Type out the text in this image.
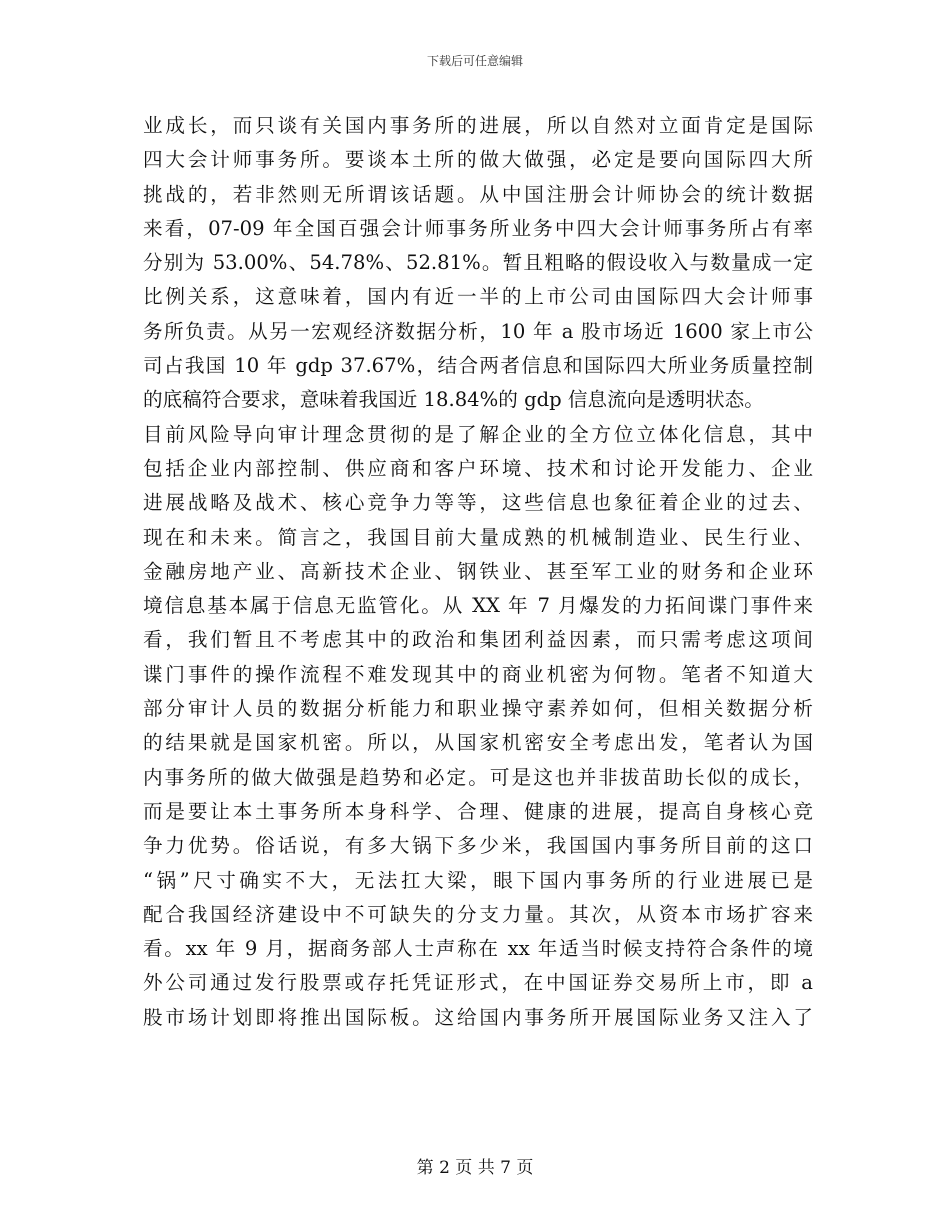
下载后可任意编辑
业成长，而只谈有关国内事务所的进展，所以自然对立面肯定是国际
四大会计师事务所。要谈本土所的做大做强，必定是要向国际四大所
挑战的，若非然则无所谓该话题。从中国注册会计师协会的统计数据
来看，07-09 年全国百强会计师事务所业务中四大会计师事务所占有率
分别为 53.00%、54.78%、52.81%。暂且粗略的假设收入与数量成一定
比例关系，这意味着，国内有近一半的上市公司由国际四大会计师事
务所负责。从另一宏观经济数据分析，10 年 a 股市场近 1600 家上市公
司占我国 10 年 gdp 37.67%，结合两者信息和国际四大所业务质量控制
的底稿符合要求，意味着我国近 18.84%的 gdp 信息流向是透明状态。
目前风险导向审计理念贯彻的是了解企业的全方位立体化信息，其中
包括企业内部控制、供应商和客户环境、技术和讨论开发能力、企业
进展战略及战术、核心竞争力等等，这些信息也象征着企业的过去、
现在和未来。简言之，我国目前大量成熟的机械制造业、民生行业、
金融房地产业、高新技术企业、钢铁业、甚至军工业的财务和企业环
境信息基本属于信息无监管化。从 XX 年 7 月爆发的力拓间谍门事件来
看，我们暂且不考虑其中的政治和集团利益因素，而只需考虑这项间
谍门事件的操作流程不难发现其中的商业机密为何物。笔者不知道大
部分审计人员的数据分析能力和职业操守素养如何，但相关数据分析
的结果就是国家机密。所以，从国家机密安全考虑出发，笔者认为国
内事务所的做大做强是趋势和必定。可是这也并非拔苗助长似的成长，
而是要让本土事务所本身科学、合理、健康的进展，提高自身核心竞
争力优势。俗话说，有多大锅下多少米，我国国内事务所目前的这口
“锅”尺寸确实不大，无法扛大梁，眼下国内事务所的行业进展已是
配合我国经济建设中不可缺失的分支力量。其次，从资本市场扩容来
看。xx 年 9 月，据商务部人士声称在 xx 年适当时候支持符合条件的境
外公司通过发行股票或存托凭证形式，在中国证券交易所上市，即 a
股市场计划即将推出国际板。这给国内事务所开展国际业务又注入了
第 2 页 共 7 页
